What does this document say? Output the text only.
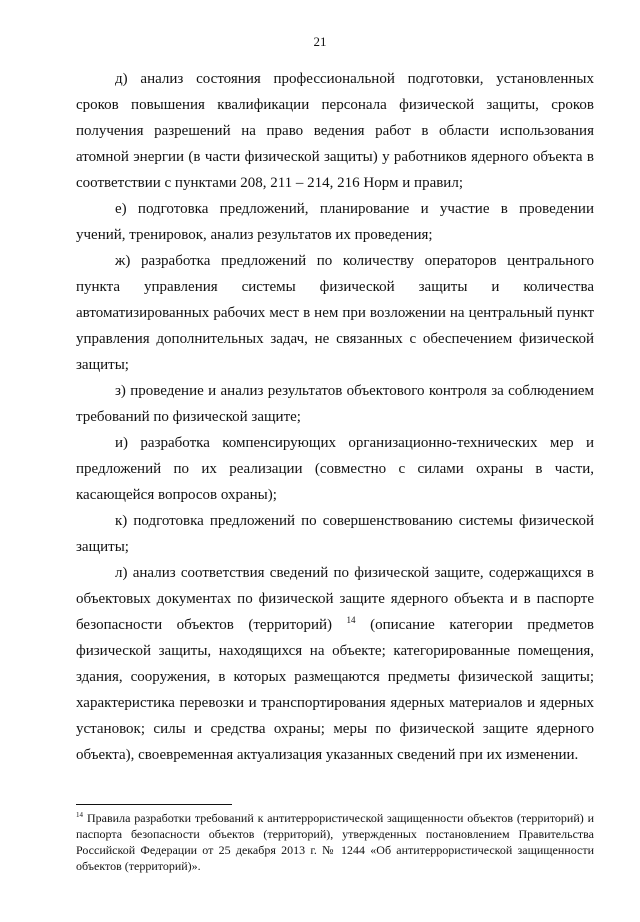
21

д) анализ состояния профессиональной подготовки, установленных сроков повышения квалификации персонала физической защиты, сроков получения разрешений на право ведения работ в области использования атомной энергии (в части физической защиты) у работников ядерного объекта в соответствии с пунктами 208, 211 – 214, 216 Норм и правил;

е) подготовка предложений, планирование и участие в проведении учений, тренировок, анализ результатов их проведения;

ж) разработка предложений по количеству операторов центрального пункта управления системы физической защиты и количества автоматизированных рабочих мест в нем при возложении на центральный пункт управления дополнительных задач, не связанных с обеспечением физической защиты;

з) проведение и анализ результатов объектового контроля за соблюдением требований по физической защите;

и) разработка компенсирующих организационно-технических мер и предложений по их реализации (совместно с силами охраны в части, касающейся вопросов охраны);

к) подготовка предложений по совершенствованию системы физической защиты;

л) анализ соответствия сведений по физической защите, содержащихся в объектовых документах по физической защите ядерного объекта и в паспорте безопасности объектов (территорий) $^{14}$ (описание категории предметов физической защиты, находящихся на объекте; категорированные помещения, здания, сооружения, в которых размещаются предметы физической защиты; характеристика перевозки и транспортирования ядерных материалов и ядерных установок; силы и средства охраны; меры по физической защите ядерного объекта), своевременная актуализация указанных сведений при их изменении.

$^{14}$ Правила разработки требований к антитеррористической защищенности объектов (территорий) и паспорта безопасности объектов (территорий), утвержденных постановлением Правительства Российской Федерации от 25 декабря 2013 г. № 1244 «Об антитеррористической защищенности объектов (территорий)».
